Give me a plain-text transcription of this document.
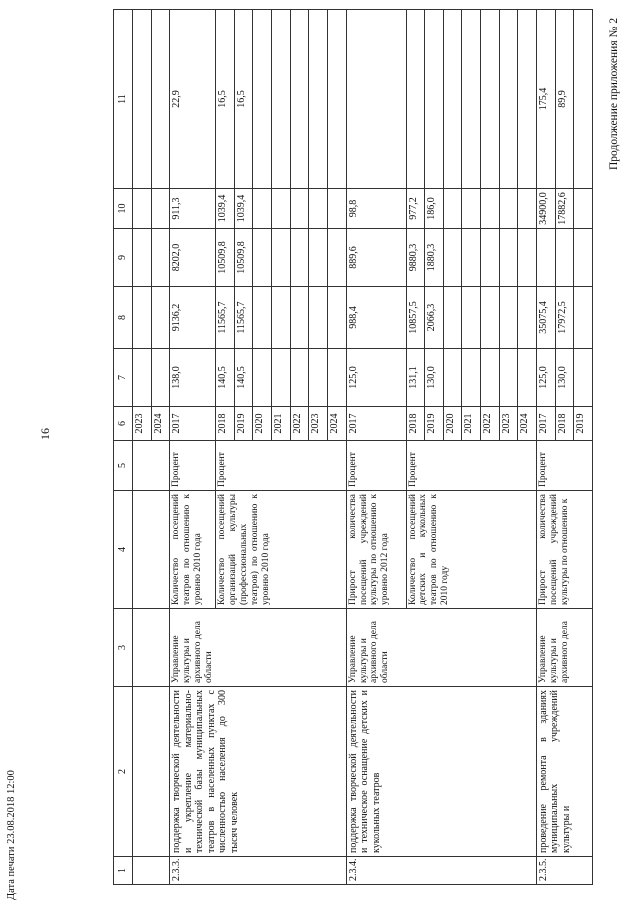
16
Дата печати 23.08.2018 12:00
Продолжение приложения № 2
1	2	3	4	5	6	7	8	9	10	11	
					2023						
					2024						
2.3.3.	поддержка творческой деятельности и укрепление материально-технической базы муниципальных театров в населенных пунктах с численностью населения до 300 тысяч человек	Управление культуры и архивного дела области	Количество посещений театров по отношению к уровню 2010 года	Процент	2017	138,0	9136,2	8202,0	911,3	22,9	
			Количество посещений организаций культуры (профессиональных театров) по отношению к уровню 2010 года	Процент	2018	140,5	11565,7	10509,8	1039,4	16,5	
					2019	140,5	11565,7	10509,8	1039,4	16,5	
					2020						
					2021						
					2022						
					2023						
					2024						
2.3.4.	поддержка творческой деятельности и техническое оснащение детских и кукольных театров	Управление культуры и архивного дела области	Прирост количества посещений учреждений культуры по отношению к уровню 2012 года	Процент	2017	125,0	988,4	889,6	98,8		
			Количество посещений детских и кукольных театров по отношению к 2010 году	Процент	2018	131,1	10857,5	9880,3	977,2		
					2019	130,0	2066,3	1880,3	186,0		
					2020						
					2021						
					2022						
					2023						
					2024						
2.3.5.	проведение ремонта в зданиях муниципальных учреждений культуры и	Управление культуры и архивного дела	Прирост количества посещений учреждений культуры по отношению к	Процент	2017	125,0	35075,4		34900,0	175,4	
					2018	130,0	17972,5		17882,6	89,9	
					2019						
